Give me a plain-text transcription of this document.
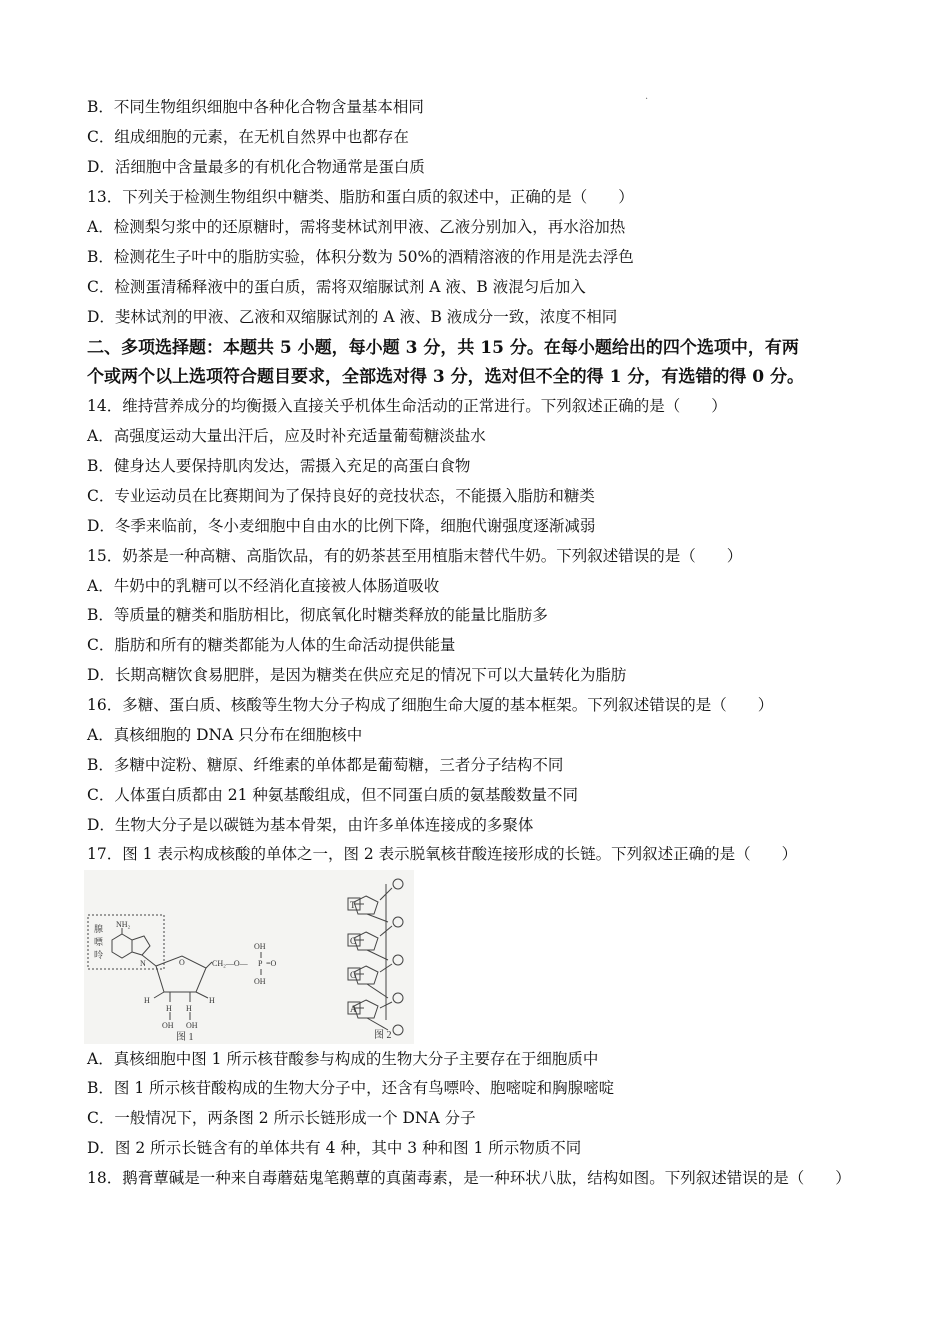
B．不同生物组织细胞中各种化合物含量基本相同	·
C．组成细胞的元素，在无机自然界中也都存在
D．活细胞中含量最多的有机化合物通常是蛋白质
13．下列关于检测生物组织中糖类、脂肪和蛋白质的叙述中，正确的是（　　）
A．检测梨匀浆中的还原糖时，需将斐林试剂甲液、乙液分别加入，再水浴加热
B．检测花生子叶中的脂肪实验，体积分数为 50%的酒精溶液的作用是洗去浮色
C．检测蛋清稀释液中的蛋白质，需将双缩脲试剂 A 液、B 液混匀后加入
D．斐林试剂的甲液、乙液和双缩脲试剂的 A 液、B 液成分一致，浓度不相同
二、多项选择题：本题共 5 小题，每小题 3 分，共 15 分。在每小题给出的四个选项中，有两
个或两个以上选项符合题目要求，全部选对得 3 分，选对但不全的得 1 分，有选错的得 0 分。
14．维持营养成分的均衡摄入直接关乎机体生命活动的正常进行。下列叙述正确的是（　　）
A．高强度运动大量出汗后，应及时补充适量葡萄糖淡盐水
B．健身达人要保持肌肉发达，需摄入充足的高蛋白食物
C．专业运动员在比赛期间为了保持良好的竞技状态，不能摄入脂肪和糖类
D．冬季来临前，冬小麦细胞中自由水的比例下降，细胞代谢强度逐渐减弱
15．奶茶是一种高糖、高脂饮品，有的奶茶甚至用植脂末替代牛奶。下列叙述错误的是（　　）
A．牛奶中的乳糖可以不经消化直接被人体肠道吸收
B．等质量的糖类和脂肪相比，彻底氧化时糖类释放的能量比脂肪多
C．脂肪和所有的糖类都能为人体的生命活动提供能量
D．长期高糖饮食易肥胖，是因为糖类在供应充足的情况下可以大量转化为脂肪
16．多糖、蛋白质、核酸等生物大分子构成了细胞生命大厦的基本框架。下列叙述错误的是（　　）
A．真核细胞的 DNA 只分布在细胞核中
B．多糖中淀粉、糖原、纤维素的单体都是葡萄糖，三者分子结构不同
C．人体蛋白质都由 21 种氨基酸组成，但不同蛋白质的氨基酸数量不同
D．生物大分子是以碳链为基本骨架，由许多单体连接成的多聚体
17．图 1 表示构成核酸的单体之一，图 2 表示脱氧核苷酸连接形成的长链。下列叙述正确的是（　　）
腺
嘌
呤
NH₂
N	O
H	H
H H
OH OH
CH₂—O— P =O
OH
OH
图 1
T
C
G
A
图 2
A．真核细胞中图 1 所示核苷酸参与构成的生物大分子主要存在于细胞质中
B．图 1 所示核苷酸构成的生物大分子中，还含有鸟嘌呤、胞嘧啶和胸腺嘧啶
C．一般情况下，两条图 2 所示长链形成一个 DNA 分子
D．图 2 所示长链含有的单体共有 4 种，其中 3 种和图 1 所示物质不同
18．鹅膏蕈碱是一种来自毒蘑菇鬼笔鹅蕈的真菌毒素，是一种环状八肽，结构如图。下列叙述错误的是（　　）
